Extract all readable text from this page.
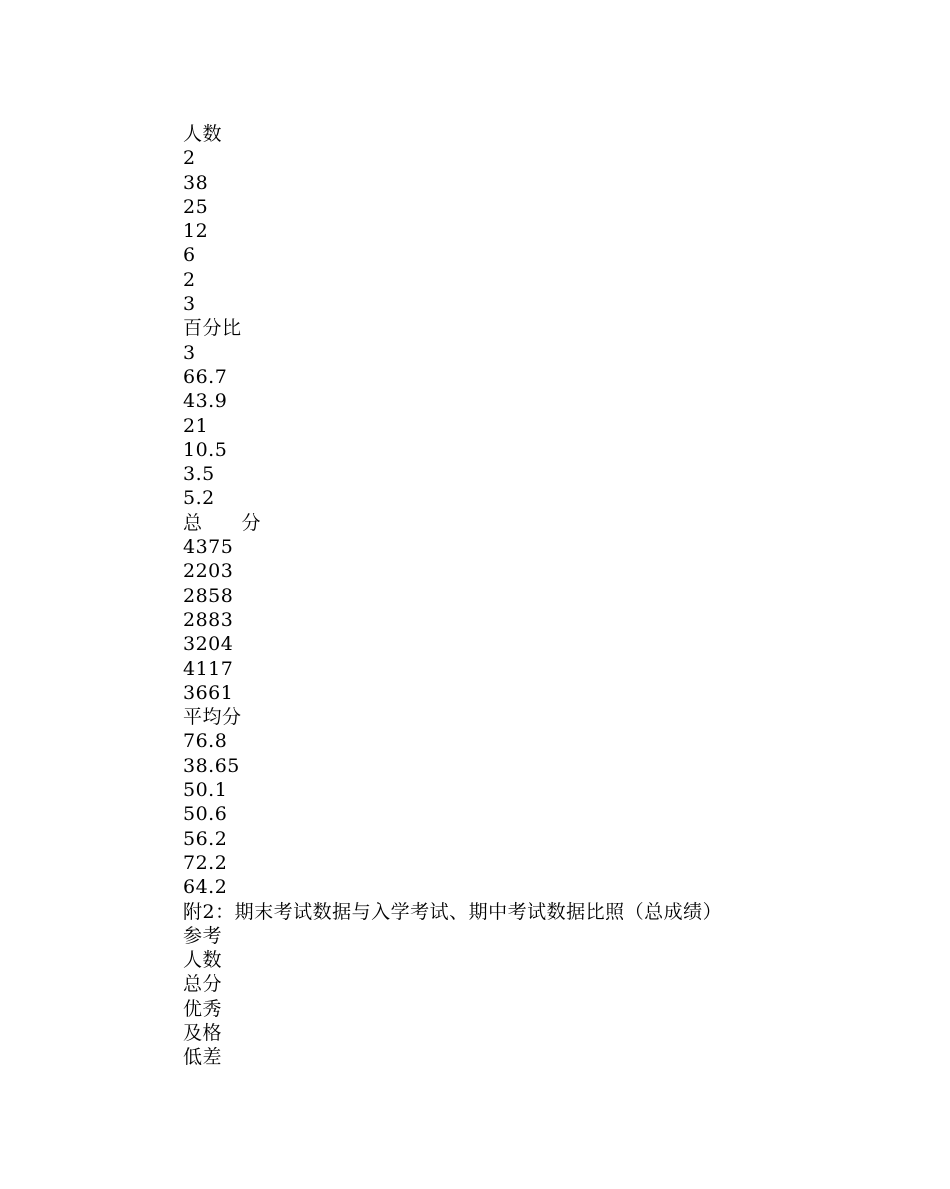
人数
2
38
25
12
6
2
3
百分比
3
66.7
43.9
21
10.5
3.5
5.2
总　　分
4375
2203
2858
2883
3204
4117
3661
平均分
76.8
38.65
50.1
50.6
56.2
72.2
64.2
附2：期末考试数据与入学考试、期中考试数据比照（总成绩）
参考
人数
总分
优秀
及格
低差
